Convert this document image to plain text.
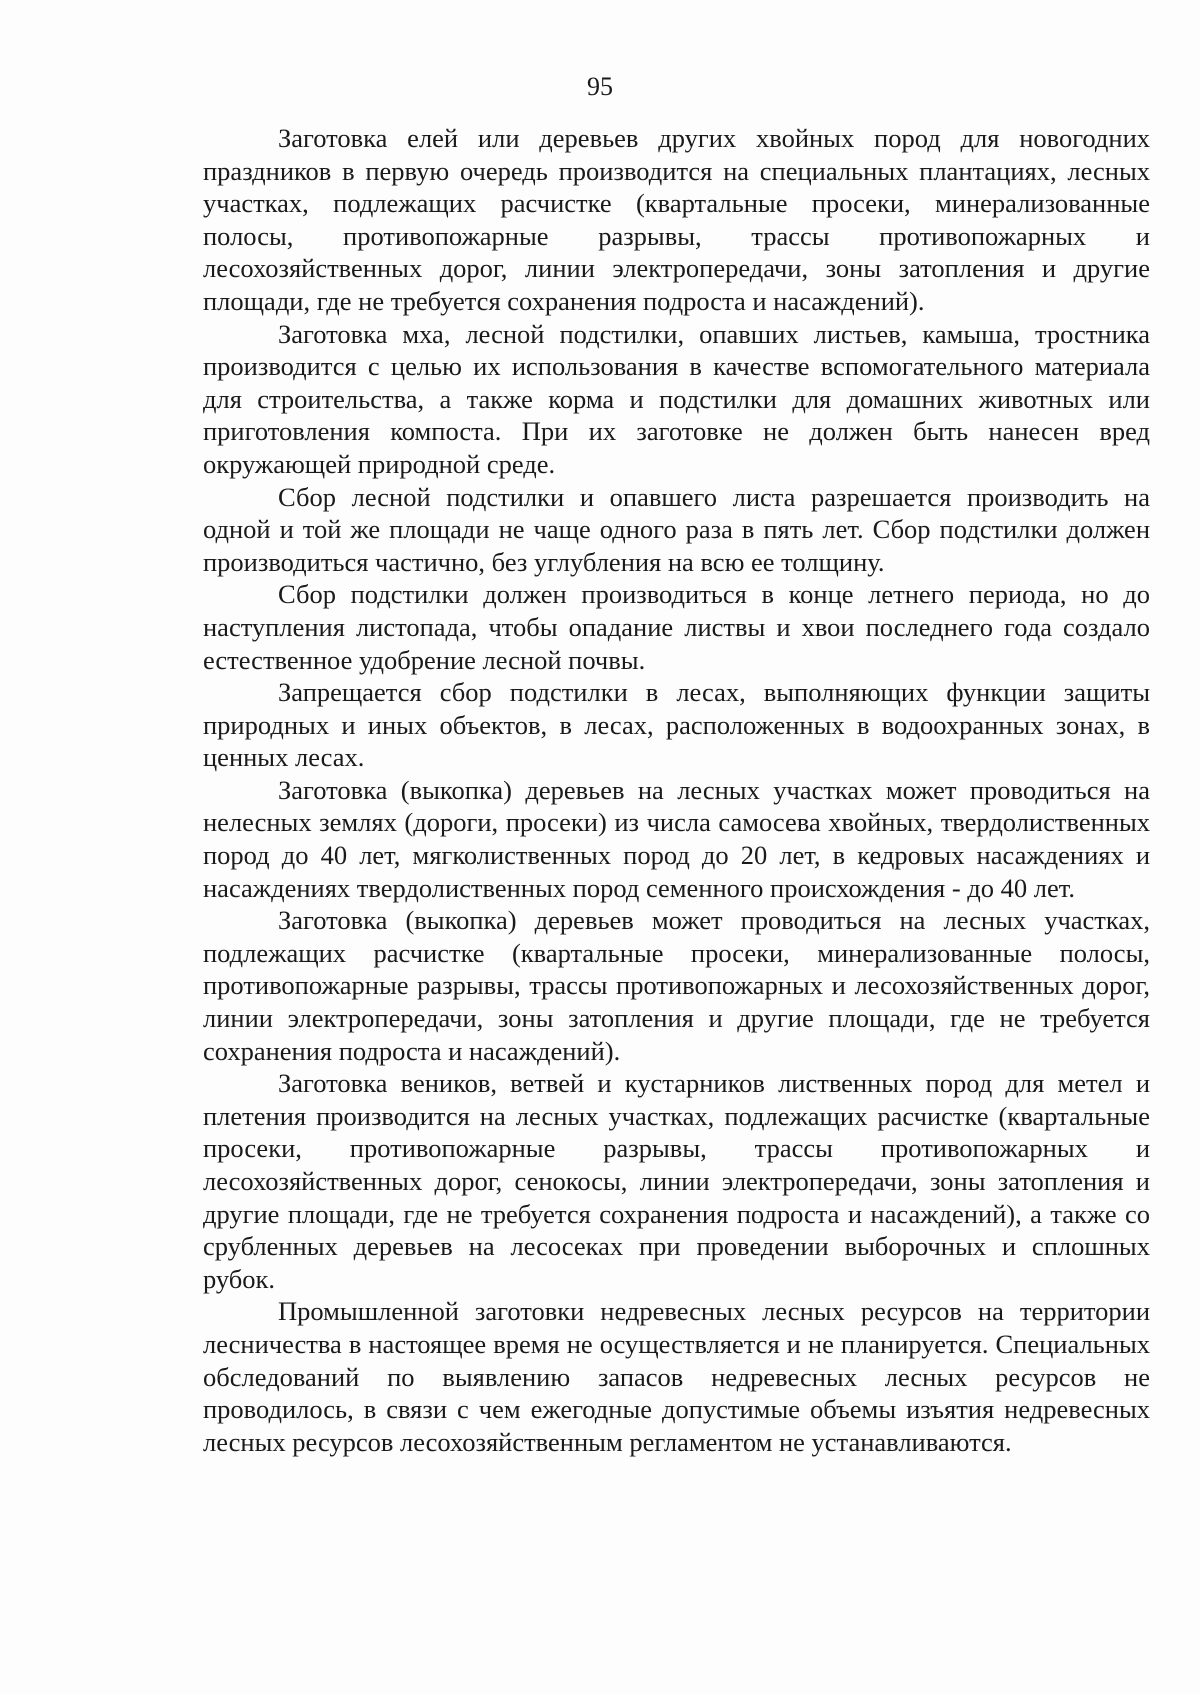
95

Заготовка елей или деревьев других хвойных пород для новогодних праздников в первую очередь производится на специальных плантациях, лесных участках, подлежащих расчистке (квартальные просеки, минерализованные полосы, противопожарные разрывы, трассы противопожарных и лесохозяйственных дорог, линии электропередачи, зоны затопления и другие площади, где не требуется сохранения подроста и насаждений).

Заготовка мха, лесной подстилки, опавших листьев, камыша, тростника производится с целью их использования в качестве вспомогательного материала для строительства, а также корма и подстилки для домашних животных или приготовления компоста. При их заготовке не должен быть нанесен вред окружающей природной среде.

Сбор лесной подстилки и опавшего листа разрешается производить на одной и той же площади не чаще одного раза в пять лет. Сбор подстилки должен производиться частично, без углубления на всю ее толщину.

Сбор подстилки должен производиться в конце летнего периода, но до наступления листопада, чтобы опадание листвы и хвои последнего года создало естественное удобрение лесной почвы.

Запрещается сбор подстилки в лесах, выполняющих функции защиты природных и иных объектов, в лесах, расположенных в водоохранных зонах, в ценных лесах.

Заготовка (выкопка) деревьев на лесных участках может проводиться на нелесных землях (дороги, просеки) из числа самосева хвойных, твердолиственных пород до 40 лет, мягколиственных пород до 20 лет, в кедровых насаждениях и насаждениях твердолиственных пород семенного происхождения - до 40 лет.

Заготовка (выкопка) деревьев может проводиться на лесных участках, подлежащих расчистке (квартальные просеки, минерализованные полосы, противопожарные разрывы, трассы противопожарных и лесохозяйственных дорог, линии электропередачи, зоны затопления и другие площади, где не требуется сохранения подроста и насаждений).

Заготовка веников, ветвей и кустарников лиственных пород для метел и плетения производится на лесных участках, подлежащих расчистке (квартальные просеки, противопожарные разрывы, трассы противопожарных и лесохозяйственных дорог, сенокосы, линии электропередачи, зоны затопления и другие площади, где не требуется сохранения подроста и насаждений), а также со срубленных деревьев на лесосеках при проведении выборочных и сплошных рубок.

Промышленной заготовки недревесных лесных ресурсов на территории лесничества в настоящее время не осуществляется и не планируется. Специальных обследований по выявлению запасов недревесных лесных ресурсов не проводилось, в связи с чем ежегодные допустимые объемы изъятия недревесных лесных ресурсов лесохозяйственным регламентом не устанавливаются.
